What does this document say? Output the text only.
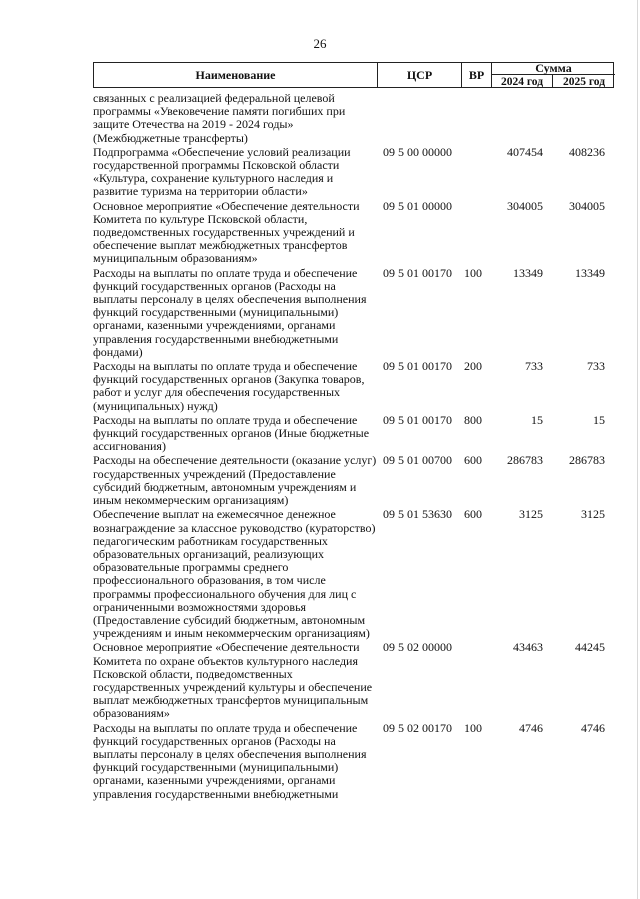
26
Наименование	ЦСР	ВР	Сумма
2024 год	2025 год
связанных с реализацией федеральной целевой программы «Увековечение памяти погибших при защите Отечества на 2019 - 2024 годы» (Межбюджетные трансферты)
Подпрограмма «Обеспечение условий реализации государственной программы Псковской области «Культура, сохранение культурного наследия и развитие туризма на территории области»
09 5 00 00000	407454	408236
Основное мероприятие «Обеспечение деятельности Комитета по культуре Псковской области, подведомственных государственных учреждений и обеспечение выплат межбюджетных трансфертов муниципальным образованиям»
09 5 01 00000	304005	304005
Расходы на выплаты по оплате труда и обеспечение функций государственных органов (Расходы на выплаты персоналу в целях обеспечения выполнения функций государственными (муниципальными) органами, казенными учреждениями, органами управления государственными внебюджетными фондами)
09 5 01 00170 100	13349	13349
Расходы на выплаты по оплате труда и обеспечение функций государственных органов (Закупка товаров, работ и услуг для обеспечения государственных (муниципальных) нужд)
09 5 01 00170 200	733	733
Расходы на выплаты по оплате труда и обеспечение функций государственных органов (Иные бюджетные ассигнования)
09 5 01 00170 800	15	15
Расходы на обеспечение деятельности (оказание услуг) государственных учреждений (Предоставление субсидий бюджетным, автономным учреждениям и иным некоммерческим организациям)
09 5 01 00700 600	286783	286783
Обеспечение выплат на ежемесячное денежное вознаграждение за классное руководство (кураторство) педагогическим работникам государственных образовательных организаций, реализующих образовательные программы среднего профессионального образования, в том числе программы профессионального обучения для лиц с ограниченными возможностями здоровья (Предоставление субсидий бюджетным, автономным учреждениям и иным некоммерческим организациям)
09 5 01 53630 600	3125	3125
Основное мероприятие «Обеспечение деятельности Комитета по охране объектов культурного наследия Псковской области, подведомственных государственных учреждений культуры и обеспечение выплат межбюджетных трансфертов муниципальным образованиям»
09 5 02 00000	43463	44245
Расходы на выплаты по оплате труда и обеспечение функций государственных органов (Расходы на выплаты персоналу в целях обеспечения выполнения функций государственными (муниципальными) органами, казенными учреждениями, органами управления государственными внебюджетными
09 5 02 00170 100	4746	4746
